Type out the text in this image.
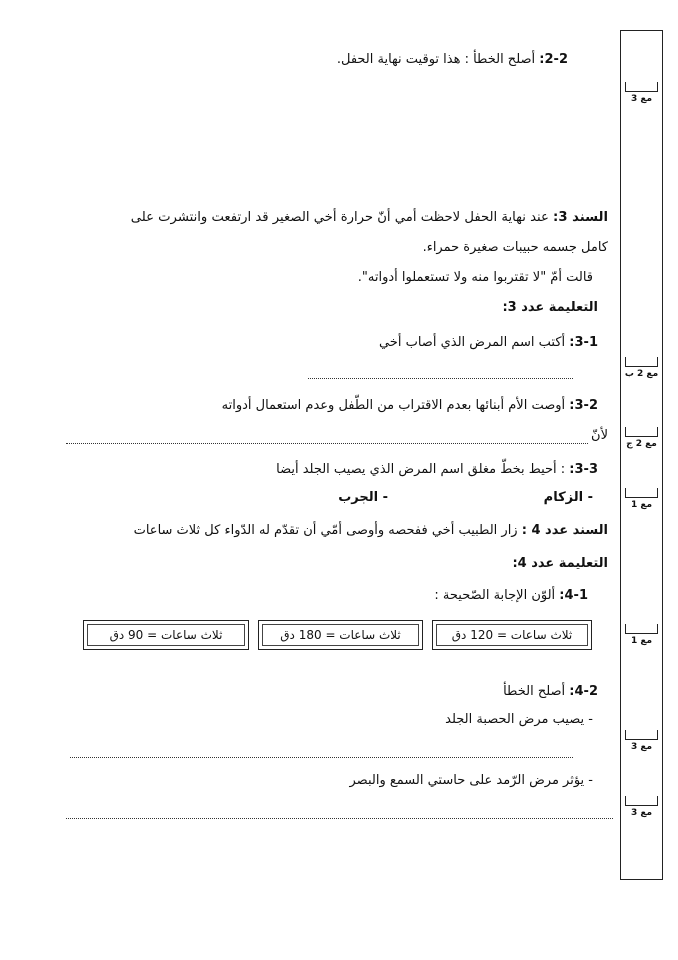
مع 3
مع 2 ب
مع 2 ج
مع 1
مع 1
مع 3
مع 3
2-2: أصلح الخطأ : هذا توقيت نهاية الحفل.
السند 3: عند نهاية الحفل لاحظت أمي أنّ حرارة أخي الصغير قد ارتفعت وانتشرت على
كامل جسمه حبيبات صغيرة حمراء.
قالت أمّ "لا تقتربوا منه ولا تستعملوا أدواته".
التعليمة عدد 3:
3-1: أكتب اسم المرض الذي أصاب أخي
3-2: أوصت الأم أبنائها بعدم الاقتراب من الطّفل وعدم استعمال أدواته
لأنّ
3-3: : أحيط بخطّ مغلق اسم المرض الذي يصيب الجلد أيضا
- الزكام
- الجرب
السند عدد 4 : زار الطبيب أخي ففحصه وأوصى أمّي أن تقدّم له الدّواء كل ثلاث ساعات
التعليمة عدد 4:
4-1: ألوّن الإجابة الصّحيحة :
ثلاث ساعات = 120 دق
ثلاث ساعات = 180 دق
ثلاث ساعات = 90 دق
4-2: أصلح الخطأ
- يصيب مرض الحصبة الجلد
- يؤثر مرض الرّمد على حاستي السمع والبصر
